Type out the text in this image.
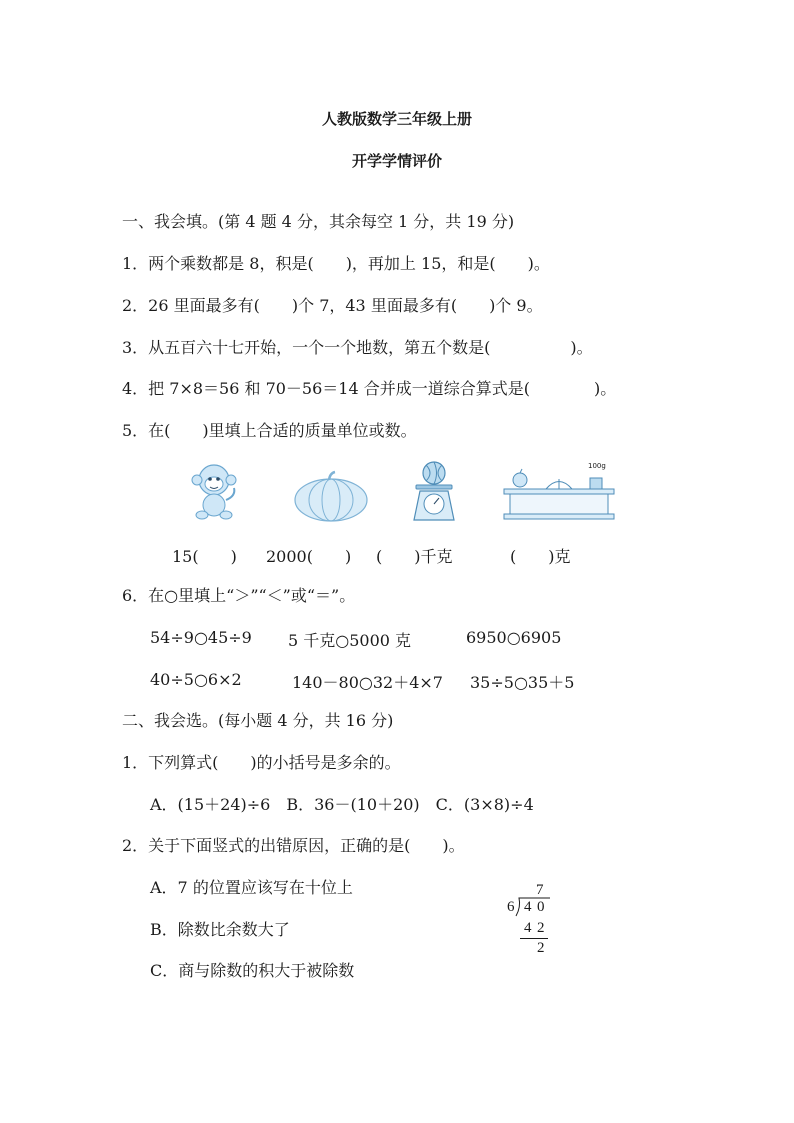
人教版数学三年级上册
开学学情评价
一、我会填。(第 4 题 4 分，其余每空 1 分，共 19 分)
1．两个乘数都是 8，积是(　　)，再加上 15，和是(　　)。
2．26 里面最多有(　　)个 7，43 里面最多有(　　)个 9。
3．从五百六十七开始，一个一个地数，第五个数是(　　　　　)。
4．把 7×8＝56 和 70－56＝14 合并成一道综合算式是(　　　　)。
5．在(　　)里填上合适的质量单位或数。
100g
15(　　) 2000(　　) (　　)千克	(　　)克
6．在○里填上“＞”“＜”或“＝”。
54÷9○45÷9 5 千克○5000 克	6950○6905
40÷5○6×2	140－80○32＋4×7 35÷5○35＋5
二、我会选。(每小题 4 分，共 16 分)
1．下列算式(　　)的小括号是多余的。
A．(15＋24)÷6　B．36－(10＋20)　C．(3×8)÷4
2．关于下面竖式的出错原因，正确的是(　　)。
A．7 的位置应该写在十位上
B．除数比余数大了
C．商与除数的积大于被除数
7
6 4 0
4 2
2
